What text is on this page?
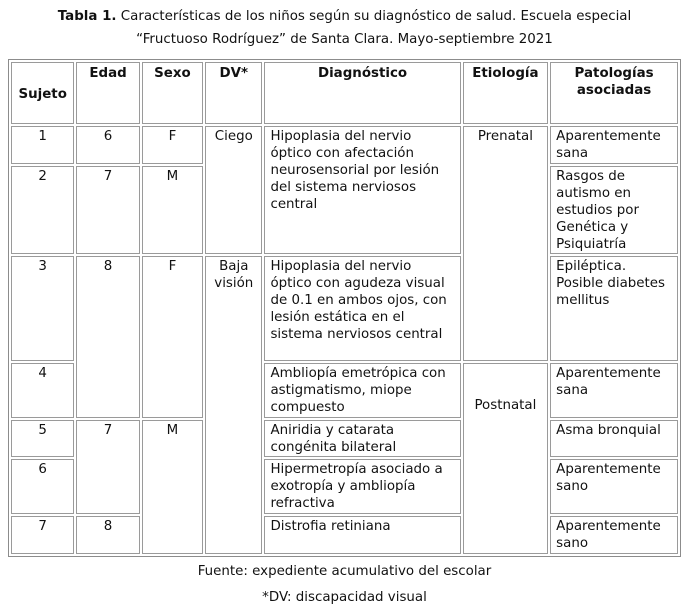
Tabla 1. Características de los niños según su diagnóstico de salud. Escuela especial
“Fructuoso Rodríguez” de Santa Clara. Mayo-septiembre 2021
Sujeto	Edad	Sexo	DV*	Diagnóstico	Etiología	Patologías asociadas
1	6	F	Ciego	Hipoplasia del nervio óptico con afectación neurosensorial por lesión del sistema nerviosos central	Prenatal	Aparentemente sana
2	7	M				Rasgos de autismo en estudios por Genética y Psiquiatría
3	8	F	Baja visión	Hipoplasia del nervio óptico con agudeza visual de 0.1 en ambos ojos, con lesión estática en el sistema nerviosos central		Epiléptica. Posible diabetes mellitus
4				Ambliopía emetrópica con astigmatismo, miope compuesto	Postnatal	Aparentemente sana
5	7	M		Aniridia y catarata congénita bilateral		Asma bronquial
6				Hipermetropía asociado a exotropía y ambliopía refractiva		Aparentemente sano
7	8			Distrofia retiniana		Aparentemente sano
Fuente: expediente acumulativo del escolar
*DV: discapacidad visual
